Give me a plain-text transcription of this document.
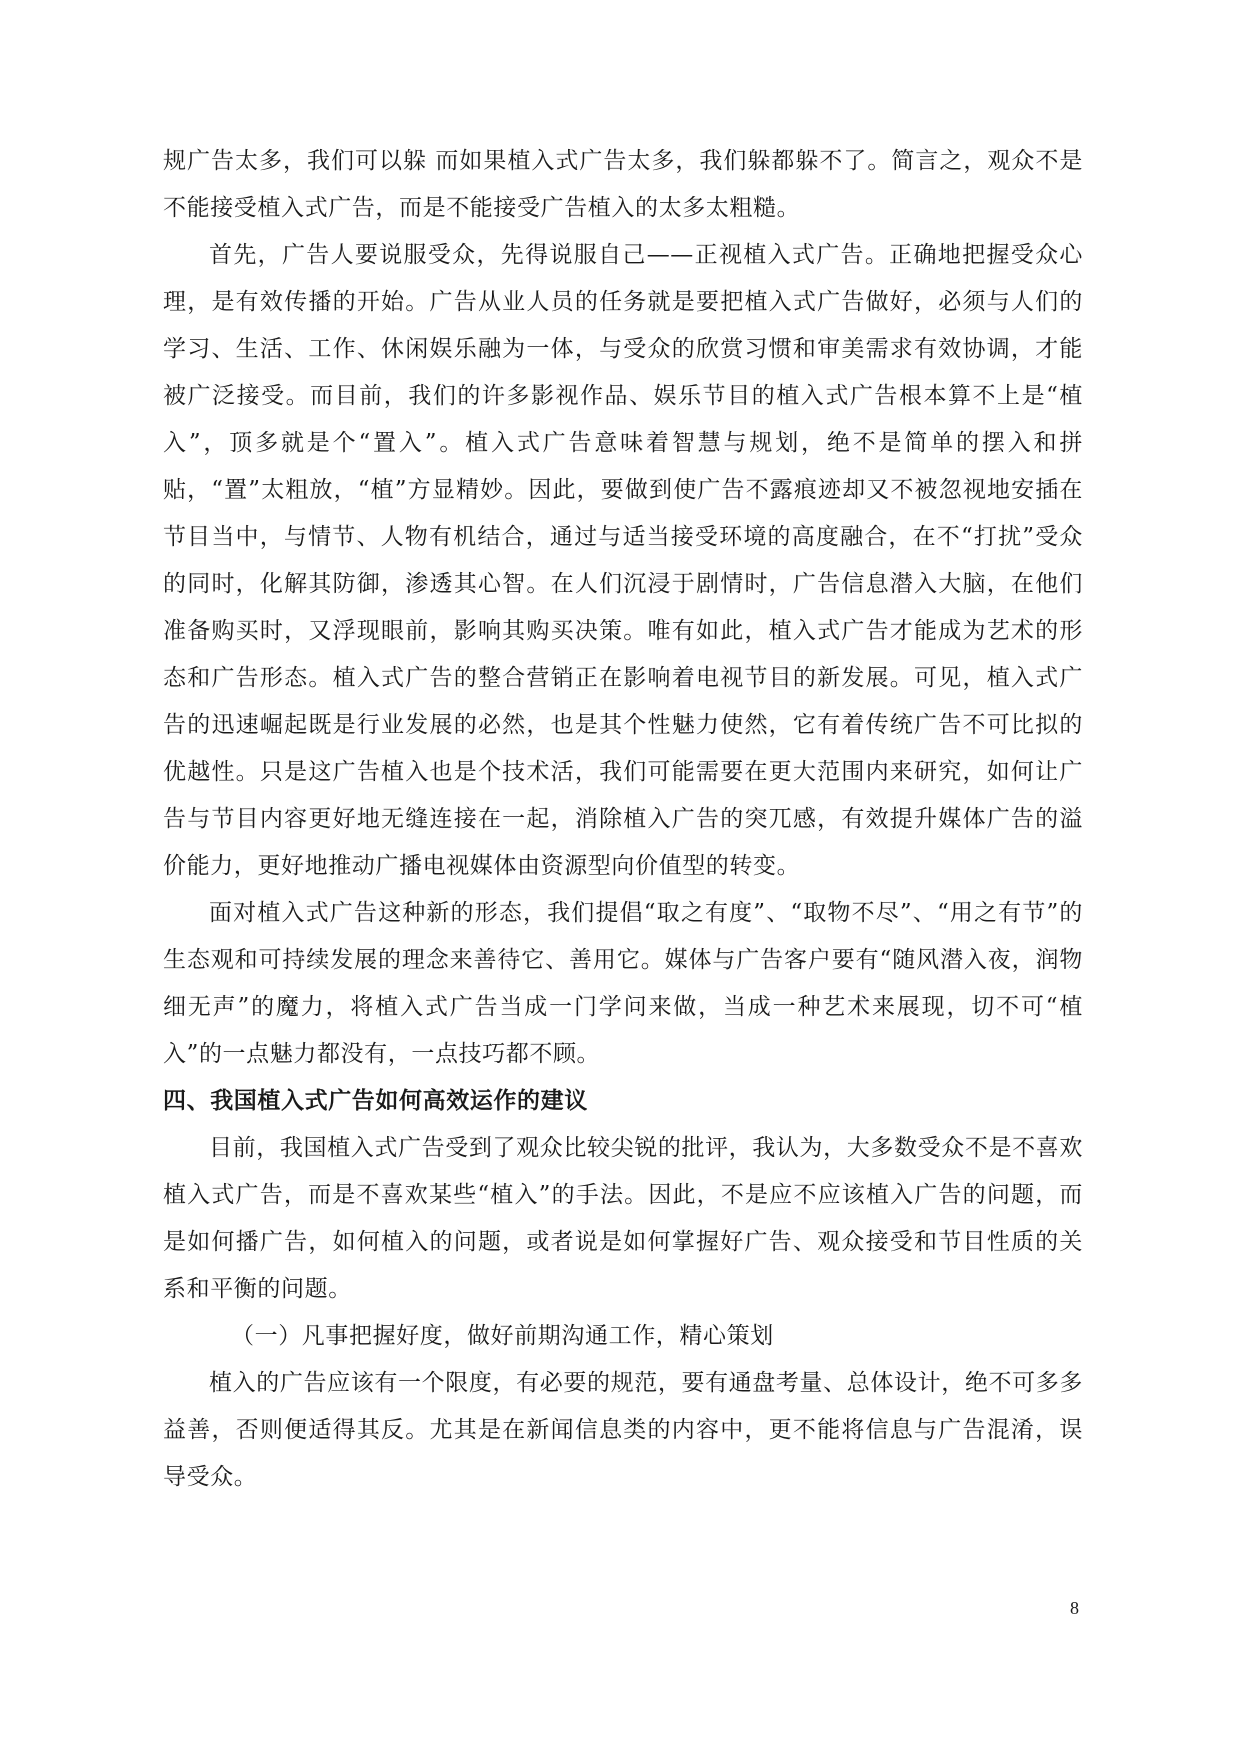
规广告太多，我们可以躲 而如果植入式广告太多，我们躲都躲不了。简言之，观众不是不能接受植入式广告，而是不能接受广告植入的太多太粗糙。

首先，广告人要说服受众，先得说服自己——正视植入式广告。正确地把握受众心理，是有效传播的开始。广告从业人员的任务就是要把植入式广告做好，必须与人们的学习、生活、工作、休闲娱乐融为一体，与受众的欣赏习惯和审美需求有效协调，才能被广泛接受。而目前，我们的许多影视作品、娱乐节目的植入式广告根本算不上是“植入”，顶多就是个“置入”。植入式广告意味着智慧与规划，绝不是简单的摆入和拼贴，“置”太粗放，“植”方显精妙。因此，要做到使广告不露痕迹却又不被忽视地安插在节目当中，与情节、人物有机结合，通过与适当接受环境的高度融合，在不“打扰”受众的同时，化解其防御，渗透其心智。在人们沉浸于剧情时，广告信息潜入大脑，在他们准备购买时，又浮现眼前，影响其购买决策。唯有如此，植入式广告才能成为艺术的形态和广告形态。植入式广告的整合营销正在影响着电视节目的新发展。可见，植入式广告的迅速崛起既是行业发展的必然，也是其个性魅力使然，它有着传统广告不可比拟的优越性。只是这广告植入也是个技术活，我们可能需要在更大范围内来研究，如何让广告与节目内容更好地无缝连接在一起，消除植入广告的突兀感，有效提升媒体广告的溢价能力，更好地推动广播电视媒体由资源型向价值型的转变。

面对植入式广告这种新的形态，我们提倡“取之有度”、“取物不尽”、“用之有节”的生态观和可持续发展的理念来善待它、善用它。媒体与广告客户要有“随风潜入夜，润物细无声”的魔力，将植入式广告当成一门学问来做，当成一种艺术来展现，切不可“植入”的一点魅力都没有，一点技巧都不顾。

四、我国植入式广告如何高效运作的建议

目前，我国植入式广告受到了观众比较尖锐的批评，我认为，大多数受众不是不喜欢植入式广告，而是不喜欢某些“植入”的手法。因此，不是应不应该植入广告的问题，而是如何播广告，如何植入的问题，或者说是如何掌握好广告、观众接受和节目性质的关系和平衡的问题。

（一）凡事把握好度，做好前期沟通工作，精心策划

植入的广告应该有一个限度，有必要的规范，要有通盘考量、总体设计，绝不可多多益善，否则便适得其反。尤其是在新闻信息类的内容中，更不能将信息与广告混淆，误导受众。

8
